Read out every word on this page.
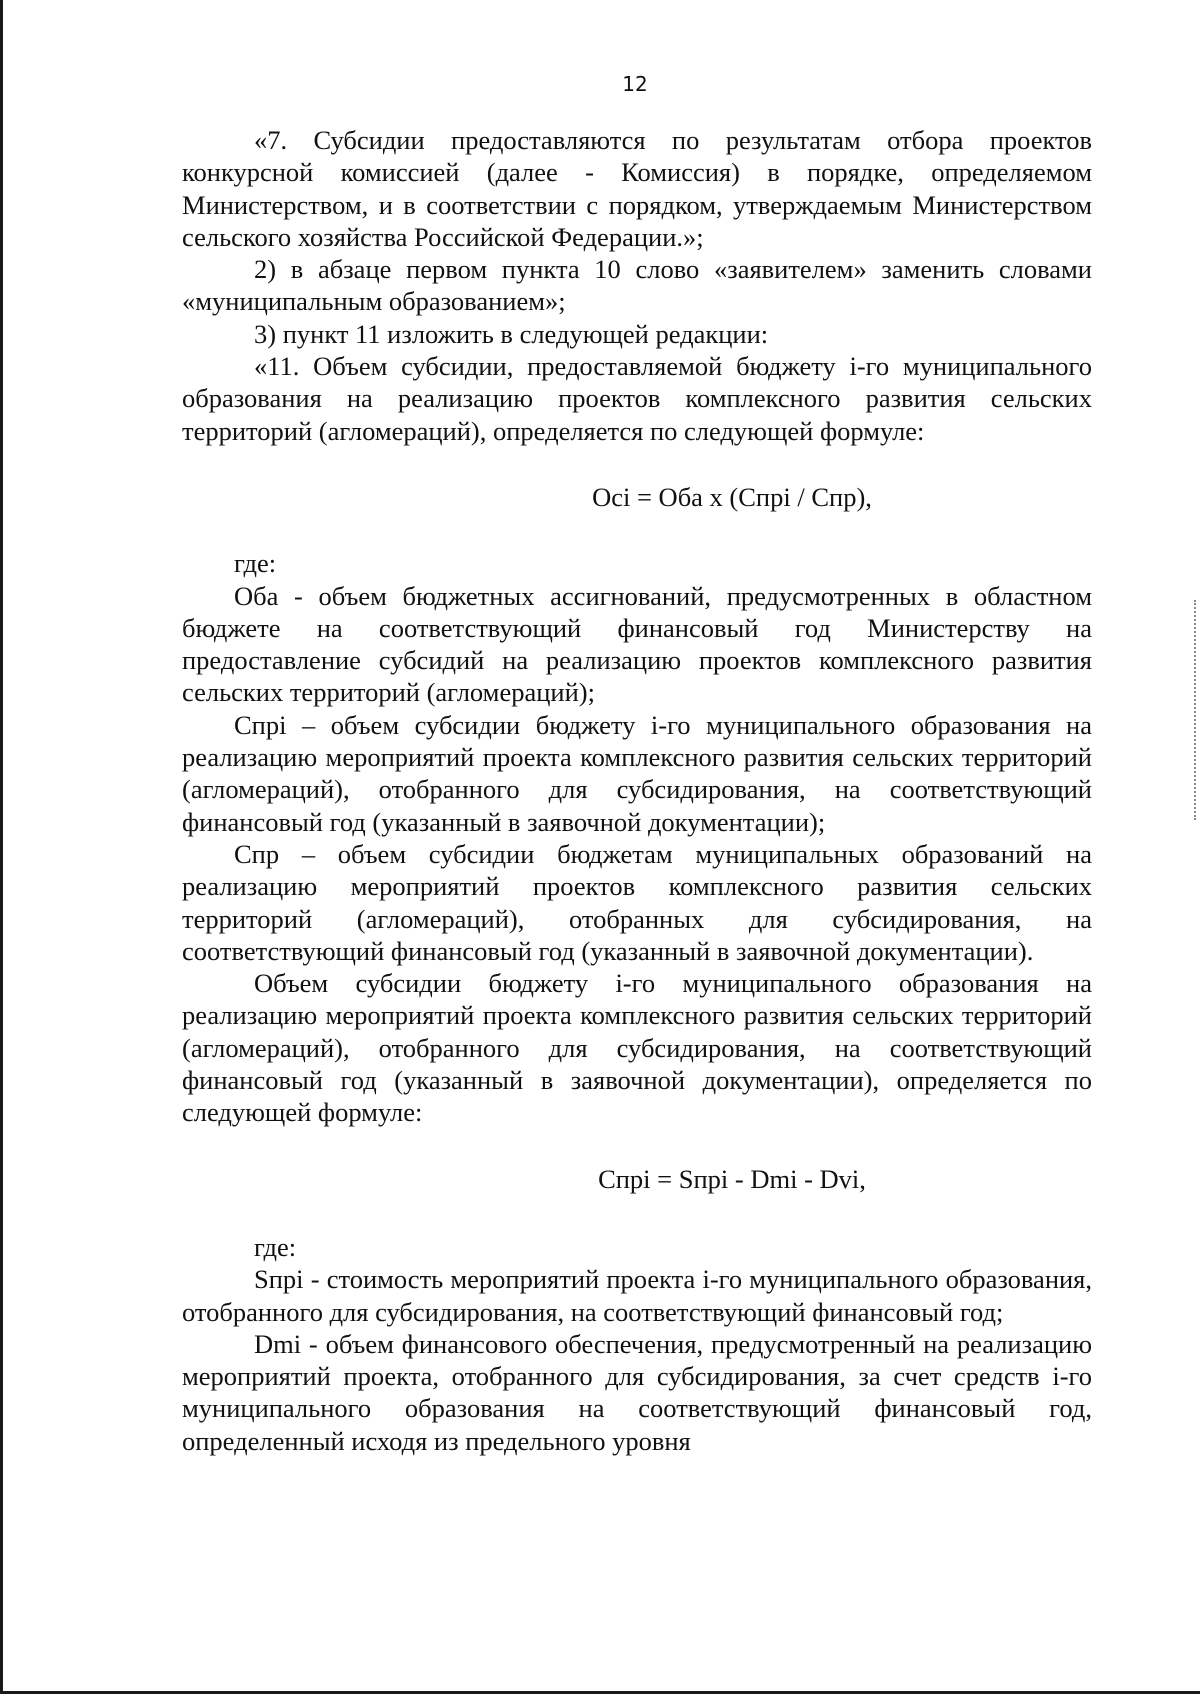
12

«7. Субсидии предоставляются по результатам отбора проектов конкурсной комиссией (далее - Комиссия) в порядке, определяемом Министерством, и в соответствии с порядком, утверждаемым Министерством сельского хозяйства Российской Федерации.»;

2) в абзаце первом пункта 10 слово «заявителем» заменить словами «муниципальным образованием»;

3) пункт 11 изложить в следующей редакции:

«11. Объем субсидии, предоставляемой бюджету i-го муниципального образования на реализацию проектов комплексного развития сельских территорий (агломераций), определяется по следующей формуле:

Осi = Оба х (Cпрi / Спр),

где:

Оба - объем бюджетных ассигнований, предусмотренных в областном бюджете на соответствующий финансовый год Министерству на предоставление субсидий на реализацию проектов комплексного развития сельских территорий (агломераций);

Спрi – объем субсидии бюджету i-го муниципального образования на реализацию мероприятий проекта комплексного развития сельских территорий (агломераций), отобранного для субсидирования, на соответствующий финансовый год (указанный в заявочной документации);

Спр – объем субсидии бюджетам муниципальных образований на реализацию мероприятий проектов комплексного развития сельских территорий (агломераций), отобранных для субсидирования, на соответствующий финансовый год (указанный в заявочной документации).

Объем субсидии бюджету i-го муниципального образования на реализацию мероприятий проекта комплексного развития сельских территорий (агломераций), отобранного для субсидирования, на соответствующий финансовый год (указанный в заявочной документации), определяется по следующей формуле:

Cпрi = Sпрi - Dmi - Dvi,

где:

Sпрi - стоимость мероприятий проекта i-го муниципального образования, отобранного для субсидирования, на соответствующий финансовый год;

Dmi - объем финансового обеспечения, предусмотренный на реализацию мероприятий проекта, отобранного для субсидирования, за счет средств i-го муниципального образования на соответствующий финансовый год, определенный исходя из предельного уровня
